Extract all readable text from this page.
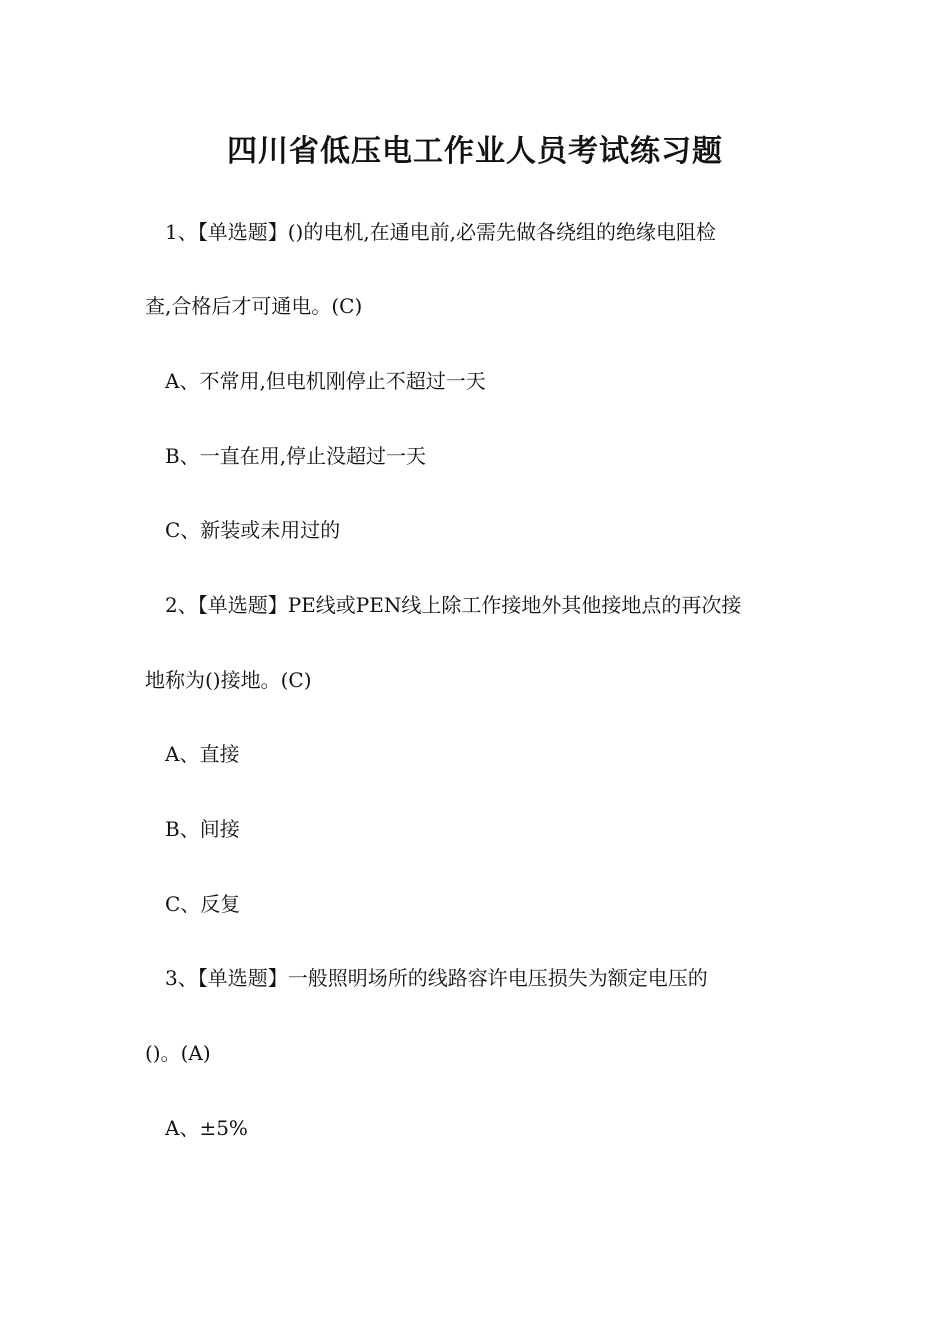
四川省低压电工作业人员考试练习题
1、【单选题】()的电机,在通电前,必需先做各绕组的绝缘电阻检
查,合格后才可通电。(C)
A、不常用,但电机刚停止不超过一天
B、一直在用,停止没超过一天
C、新装或未用过的
2、【单选题】PE线或PEN线上除工作接地外其他接地点的再次接
地称为()接地。(C)
A、直接
B、间接
C、反复
3、【单选题】一般照明场所的线路容许电压损失为额定电压的
()。(A)
A、±5%
